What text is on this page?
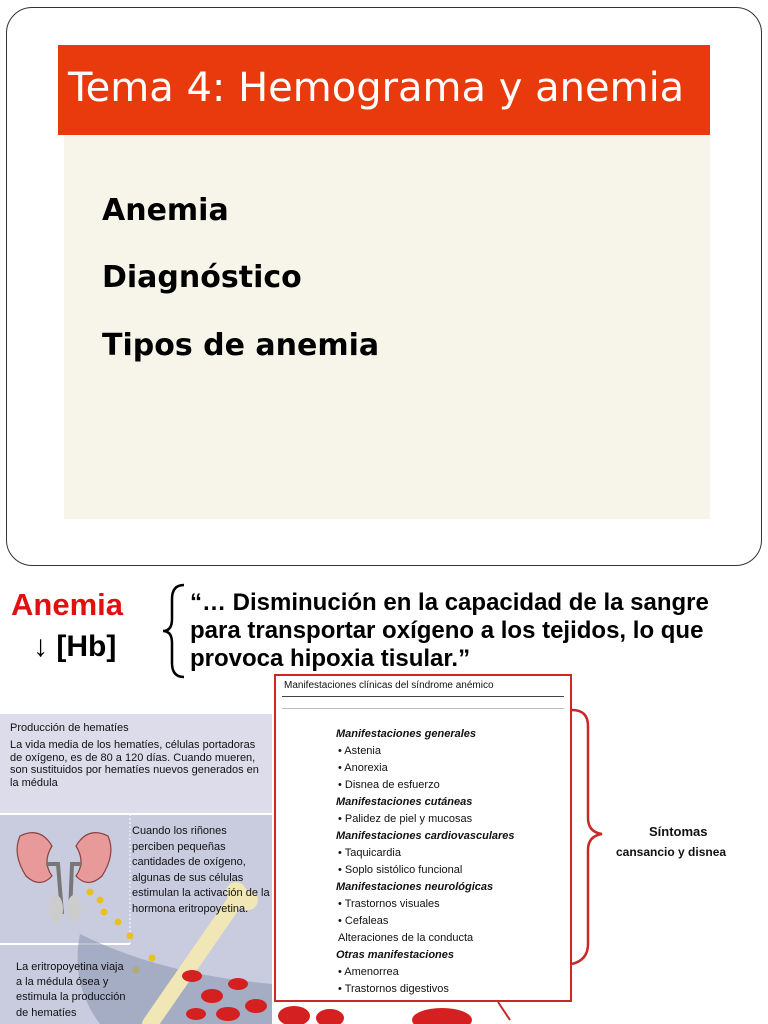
Tema 4: Hemograma y anemia
Anemia
Diagnóstico
Tipos de anemia
Anemia
↓ [Hb]
“… Disminución en la capacidad de la sangre
para transportar oxígeno a los tejidos, lo que
provoca hipoxia tisular.”
Producción de hematíes
La vida media de los hematíes, células portadoras de oxígeno, es de 80 a 120 días. Cuando mueren, son sustituidos por hematíes nuevos generados en la médula
Cuando los riñones perciben pequeñas cantidades de oxígeno, algunas de sus células estimulan la activación de la hormona eritropoyetina.
La eritropoyetina viaja a la médula ósea y estimula la producción de hematíes
Manifestaciones clínicas del síndrome anémico
Manifestaciones generales
• Astenia
• Anorexia
• Disnea de esfuerzo
Manifestaciones cutáneas
• Palidez de piel y mucosas
Manifestaciones cardiovasculares
• Taquicardia
• Soplo sistólico funcional
Manifestaciones neurológicas
• Trastornos visuales
• Cefaleas
Alteraciones de la conducta
Otras manifestaciones
• Amenorrea
• Trastornos digestivos
Síntomas
cansancio y disnea
